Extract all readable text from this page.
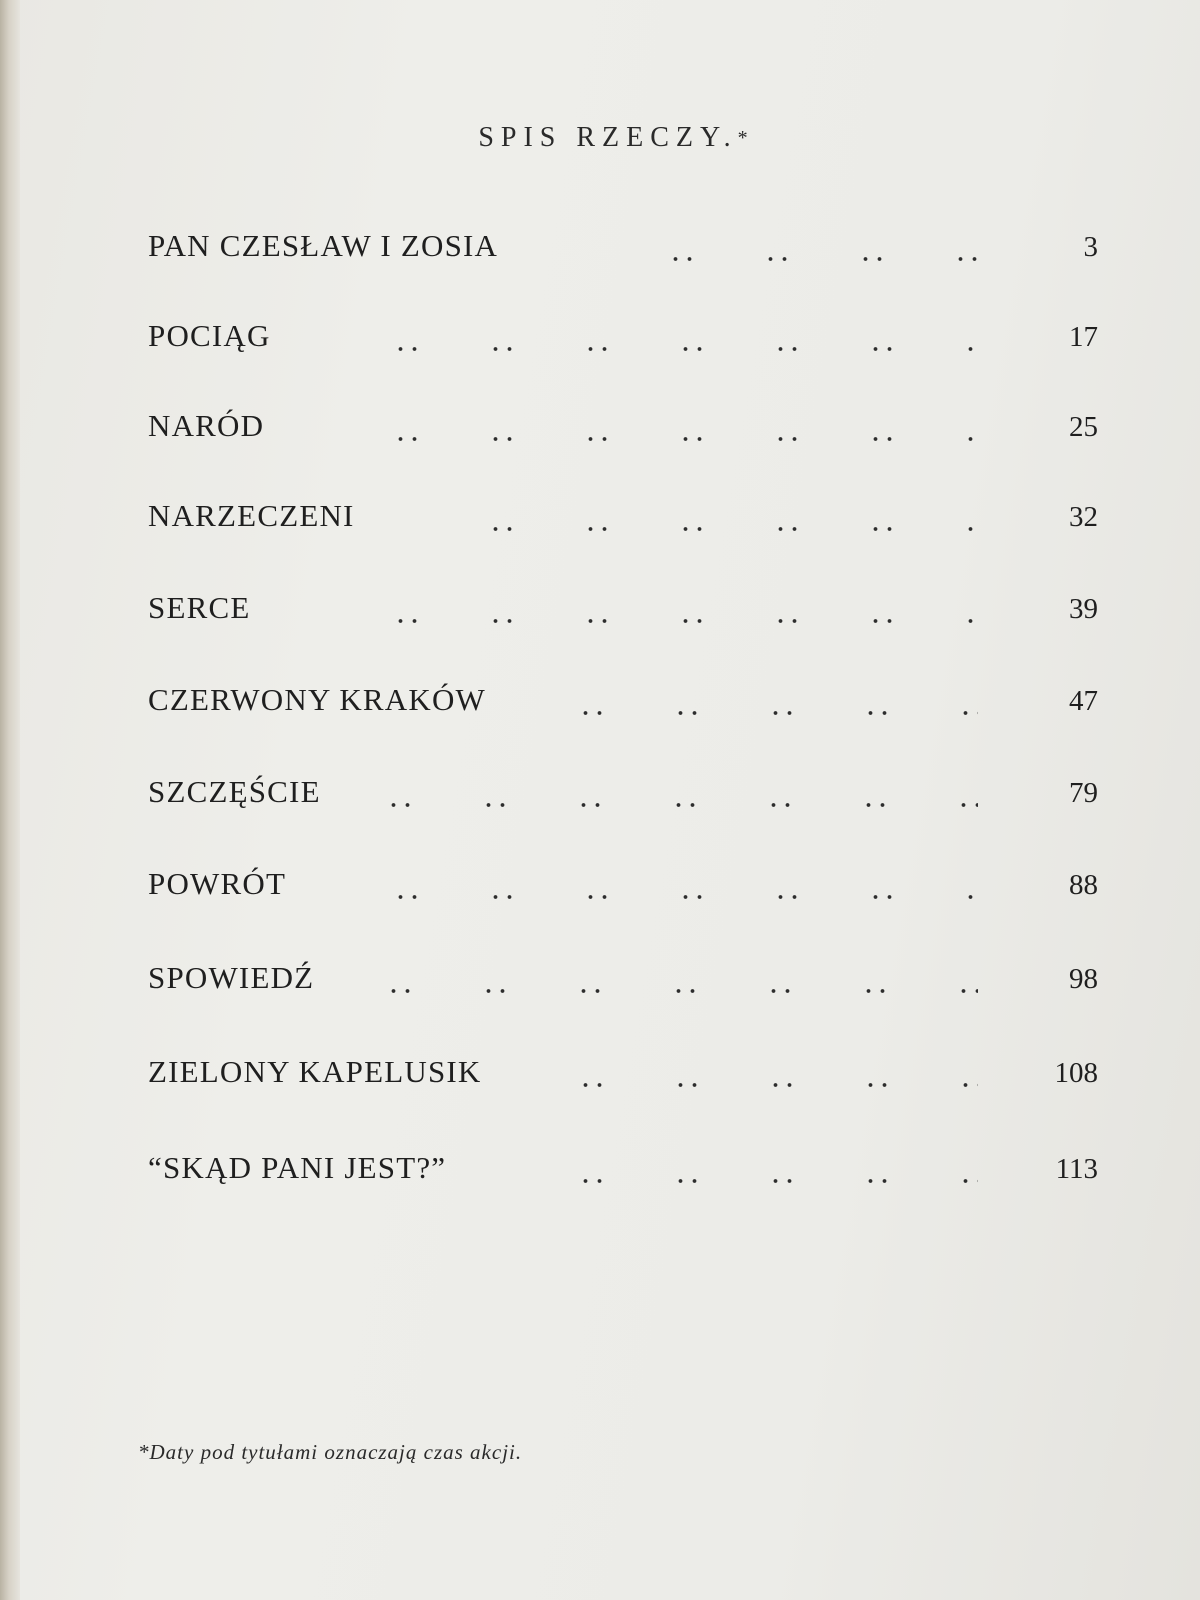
SPIS RZECZY.*
PAN CZESŁAW I ZOSIA	3
POCIĄG	17
NARÓD	25
NARZECZENI	32
SERCE	39
CZERWONY KRAKÓW	47
SZCZĘŚCIE	79
POWRÓT	88
SPOWIEDŹ	98
ZIELONY KAPELUSIK	108
“SKĄD PANI JEST?”	113
*Daty pod tytułami oznaczają czas akcji.
